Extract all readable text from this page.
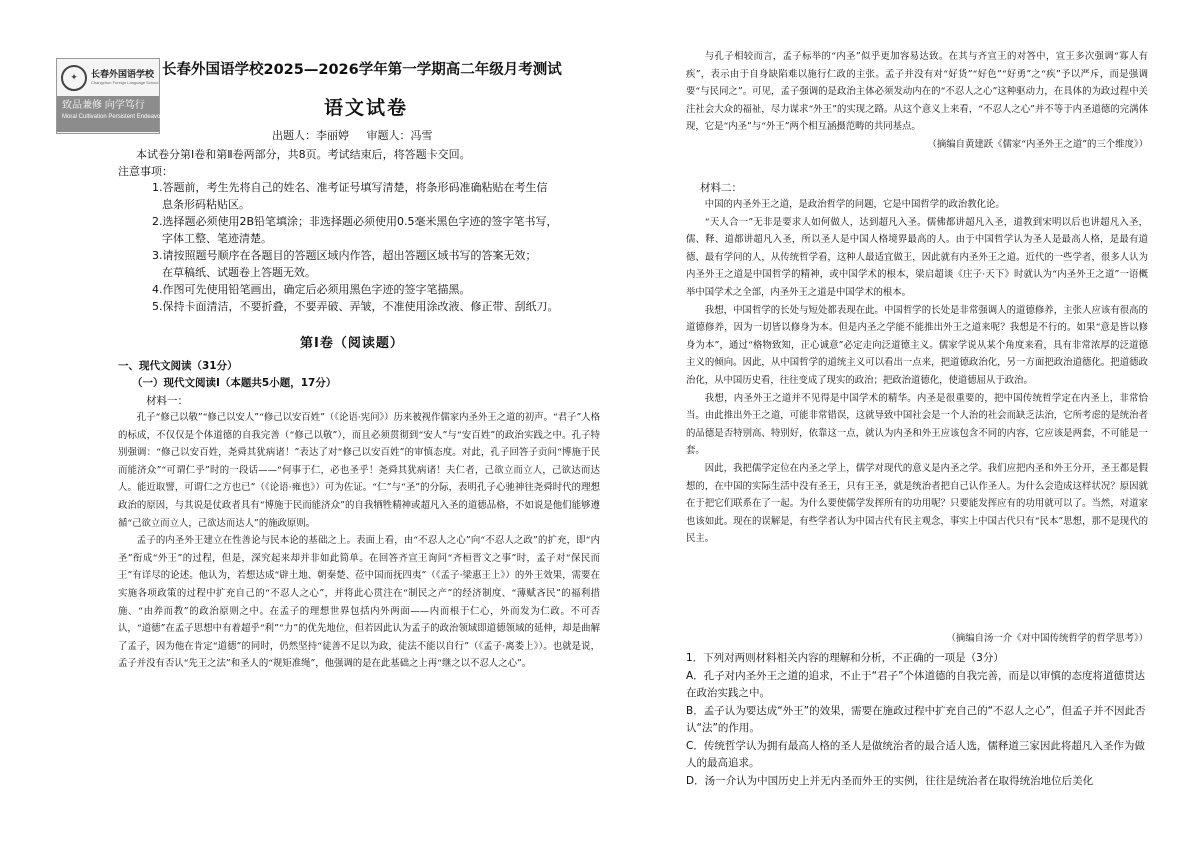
✦	长春外国语学校
Changchun Foreign Language School
致品兼修 向学笃行
Moral Cultivation Persistent Endeavor
长春外国语学校2025—2026学年第一学期高二年级月考测试
语文试卷
出题人：李丽婷 审题人：冯雪
本试卷分第Ⅰ卷和第Ⅱ卷两部分，共8页。考试结束后，将答题卡交回。
注意事项：

1.答题前，考生先将自己的姓名、准考证号填写清楚，将条形码准确粘贴在考生信

息条形码粘贴区。

2.选择题必须使用2B铅笔填涂；非选择题必须使用0.5毫米黑色字迹的签字笔书写，

字体工整、笔迹清楚。

3.请按照题号顺序在各题目的答题区域内作答，超出答题区域书写的答案无效；

在草稿纸、试题卷上答题无效。

4.作图可先使用铅笔画出，确定后必须用黑色字迹的签字笔描黑。

5.保持卡面清洁，不要折叠，不要弄破、弄皱，不准使用涂改液、修正带、刮纸刀。

第Ⅰ卷（阅读题）
一、现代文阅读（31分）
（一）现代文阅读Ⅰ（本题共5小题，17分）
材料一：

孔子“修己以敬”“修己以安人”“修己以安百姓”（《论语·宪问》）历来被视作儒家内圣外王之道的初声。“君子”人格的标成，不仅仅是个体道德的自我完善（“修己以敬”），而且必须贯彻到“安人”与“安百姓”的政治实践之中。孔子特别强调：“修己以安百姓，尧舜其犹病诸！”表达了对“修己以安百姓”的审慎态度。对此，孔子回答子贡问“博施于民而能济众”“可谓仁乎”时的一段话——“何事于仁，必也圣乎！尧舜其犹病诸！夫仁者，己欲立而立人，己欲达而达人。能近取譬，可谓仁之方也已”（《论语·雍也》）可为佐证。“仁”与“圣”的分际，表明孔子心驰神往尧舜时代的理想政治的原因，与其说是仗政者具有“博施于民而能济众”的自我牺牲精神或超凡入圣的道德品格，不如说是他们能够遵循“己欲立而立人，己欲达而达人”的施政原则。

孟子的内圣外王建立在性善论与民本论的基础之上。表面上看，由“不忍人之心”向“不忍人之政”的扩充，即“内圣”衔成“外王”的过程，但是，深究起来却并非如此简单。在回答齐宣王询问“齐桓晋文之事”时，孟子对“保民而王”有详尽的论述。他认为，若想达成“辟土地、朝秦楚、莅中国而抚四夷”（《孟子·梁惠王上》）的外王效果，需要在实施各项政策的过程中扩充自己的“不忍人之心”，并将此心贯注在“制民之产”的经济制度、“薄赋吝民”的福利措施、“由养而教”的政治原则之中。在孟子的理想世界包括内外两面——内而根于仁心，外而发为仁政。不可否认，“道德”在孟子思想中有着超乎“利”“力”的优先地位，但若因此认为孟子的政治领域即道德领域的延伸，却是曲解了孟子，因为他在肯定“道德”的同时，仍然坚持“徒善不足以为政，徒法不能以自行”（《孟子·离娄上》）。也就是说，孟子并没有否认“先王之法”和圣人的“规矩准绳”，他强调的是在此基础之上再“继之以不忍人之心”。

与孔子相较而言，孟子标举的“内圣”似乎更加容易达致。在其与齐宣王的对答中，宣王多次强调“寡人有疾”，表示由于自身缺陷难以施行仁政的主张。孟子并没有对“好货”“好色”“好勇”之“疾”予以严斥，而是强调要“与民同之”。可见，孟子强调的是政治主体必须发动内在的“不忍人之心”这种驱动力，在具体的为政过程中关注社会大众的福祉，尽力谋求“外王”的实现之路。从这个意义上来看，“不忍人之心”并不等于内圣道德的完满体现，它是“内圣”与“外王”两个相互涵摄范畴的共同基点。

（摘编自黄建跃《儒家“内圣外王之道”的三个维度》）
材料二：

中国的内圣外王之道，是政治哲学的问题，它是中国哲学的政治教化论。

“天人合一”无非是要求人如何做人，达到超凡入圣。儒佛都讲超凡入圣，道教到宋明以后也讲超凡入圣，儒、释、道都讲超凡入圣，所以圣人是中国人格境界最高的人。由于中国哲学认为圣人是最高人格，是最有道德、最有学问的人，从传统哲学看，这种人最适宜做王，因此就有内圣外王之道。近代的一些学者，很多人认为内圣外王之道是中国哲学的精神，或中国学术的根本，梁启超谈《庄子·天下》时就认为“内圣外王之道”一语概举中国学术之全部，内圣外王之道是中国学术的根本。

我想，中国哲学的长处与短处都表现在此。中国哲学的长处是非常强调人的道德修养，主张人应该有很高的道德修养，因为一切皆以修身为本。但是内圣之学能不能推出外王之道来呢？我想是不行的。如果“意是皆以修身为本”，通过“格物致知，正心诚意”必定走向泛道德主义。儒家学说从某个角度来看，具有非常浓厚的泛道德主义的倾向。因此，从中国哲学的道统主义可以看出一点来，把道德政治化，另一方面把政治道德化。把道德政治化，从中国历史看，往往变成了现实的政治；把政治道德化，使道德屈从于政治。

我想，内圣外王之道并不见得是中国学术的精华。内圣是很重要的，把中国传统哲学定在内圣上，非常恰当。由此推出外王之道，可能非常错误，这就导致中国社会是一个人治的社会而缺乏法治，它所考虑的是统治者的品德是否特别高、特别好，依靠这一点，就认为内圣和外王应该包含不同的内容，它应该是两套，不可能是一套。

因此，我把儒学定位在内圣之学上，儒学对现代的意义是内圣之学。我们应把内圣和外王分开，圣王都是假想的，在中国的实际生活中没有圣王，只有王圣，就是统治者把自己认作圣人。为什么会造成这样状况？原因就在于把它们联系在了一起。为什么要使儒学发挥所有的功用呢？只要能发挥应有的功用就可以了。当然，对道家也该如此。现在的误解是，有些学者认为中国古代有民主观念，事实上中国古代只有“民本”思想，那不是现代的民主。

（摘编自汤一介《对中国传统哲学的哲学思考》）

1．下列对两则材料相关内容的理解和分析，不正确的一项是（3分）

A．孔子对内圣外王之道的追求，不止于“君子”个体道德的自我完善，而是以审慎的态度将道德贯达在政治实践之中。

B．孟子认为要达成“外王”的效果，需要在施政过程中扩充自己的“不忍人之心”，但孟子并不因此否认“法”的作用。

C．传统哲学认为拥有最高人格的圣人是做统治者的最合适人选，儒释道三家因此将超凡入圣作为做人的最高追求。

D．汤一介认为中国历史上并无内圣而外王的实例，往往是统治者在取得统治地位后美化
